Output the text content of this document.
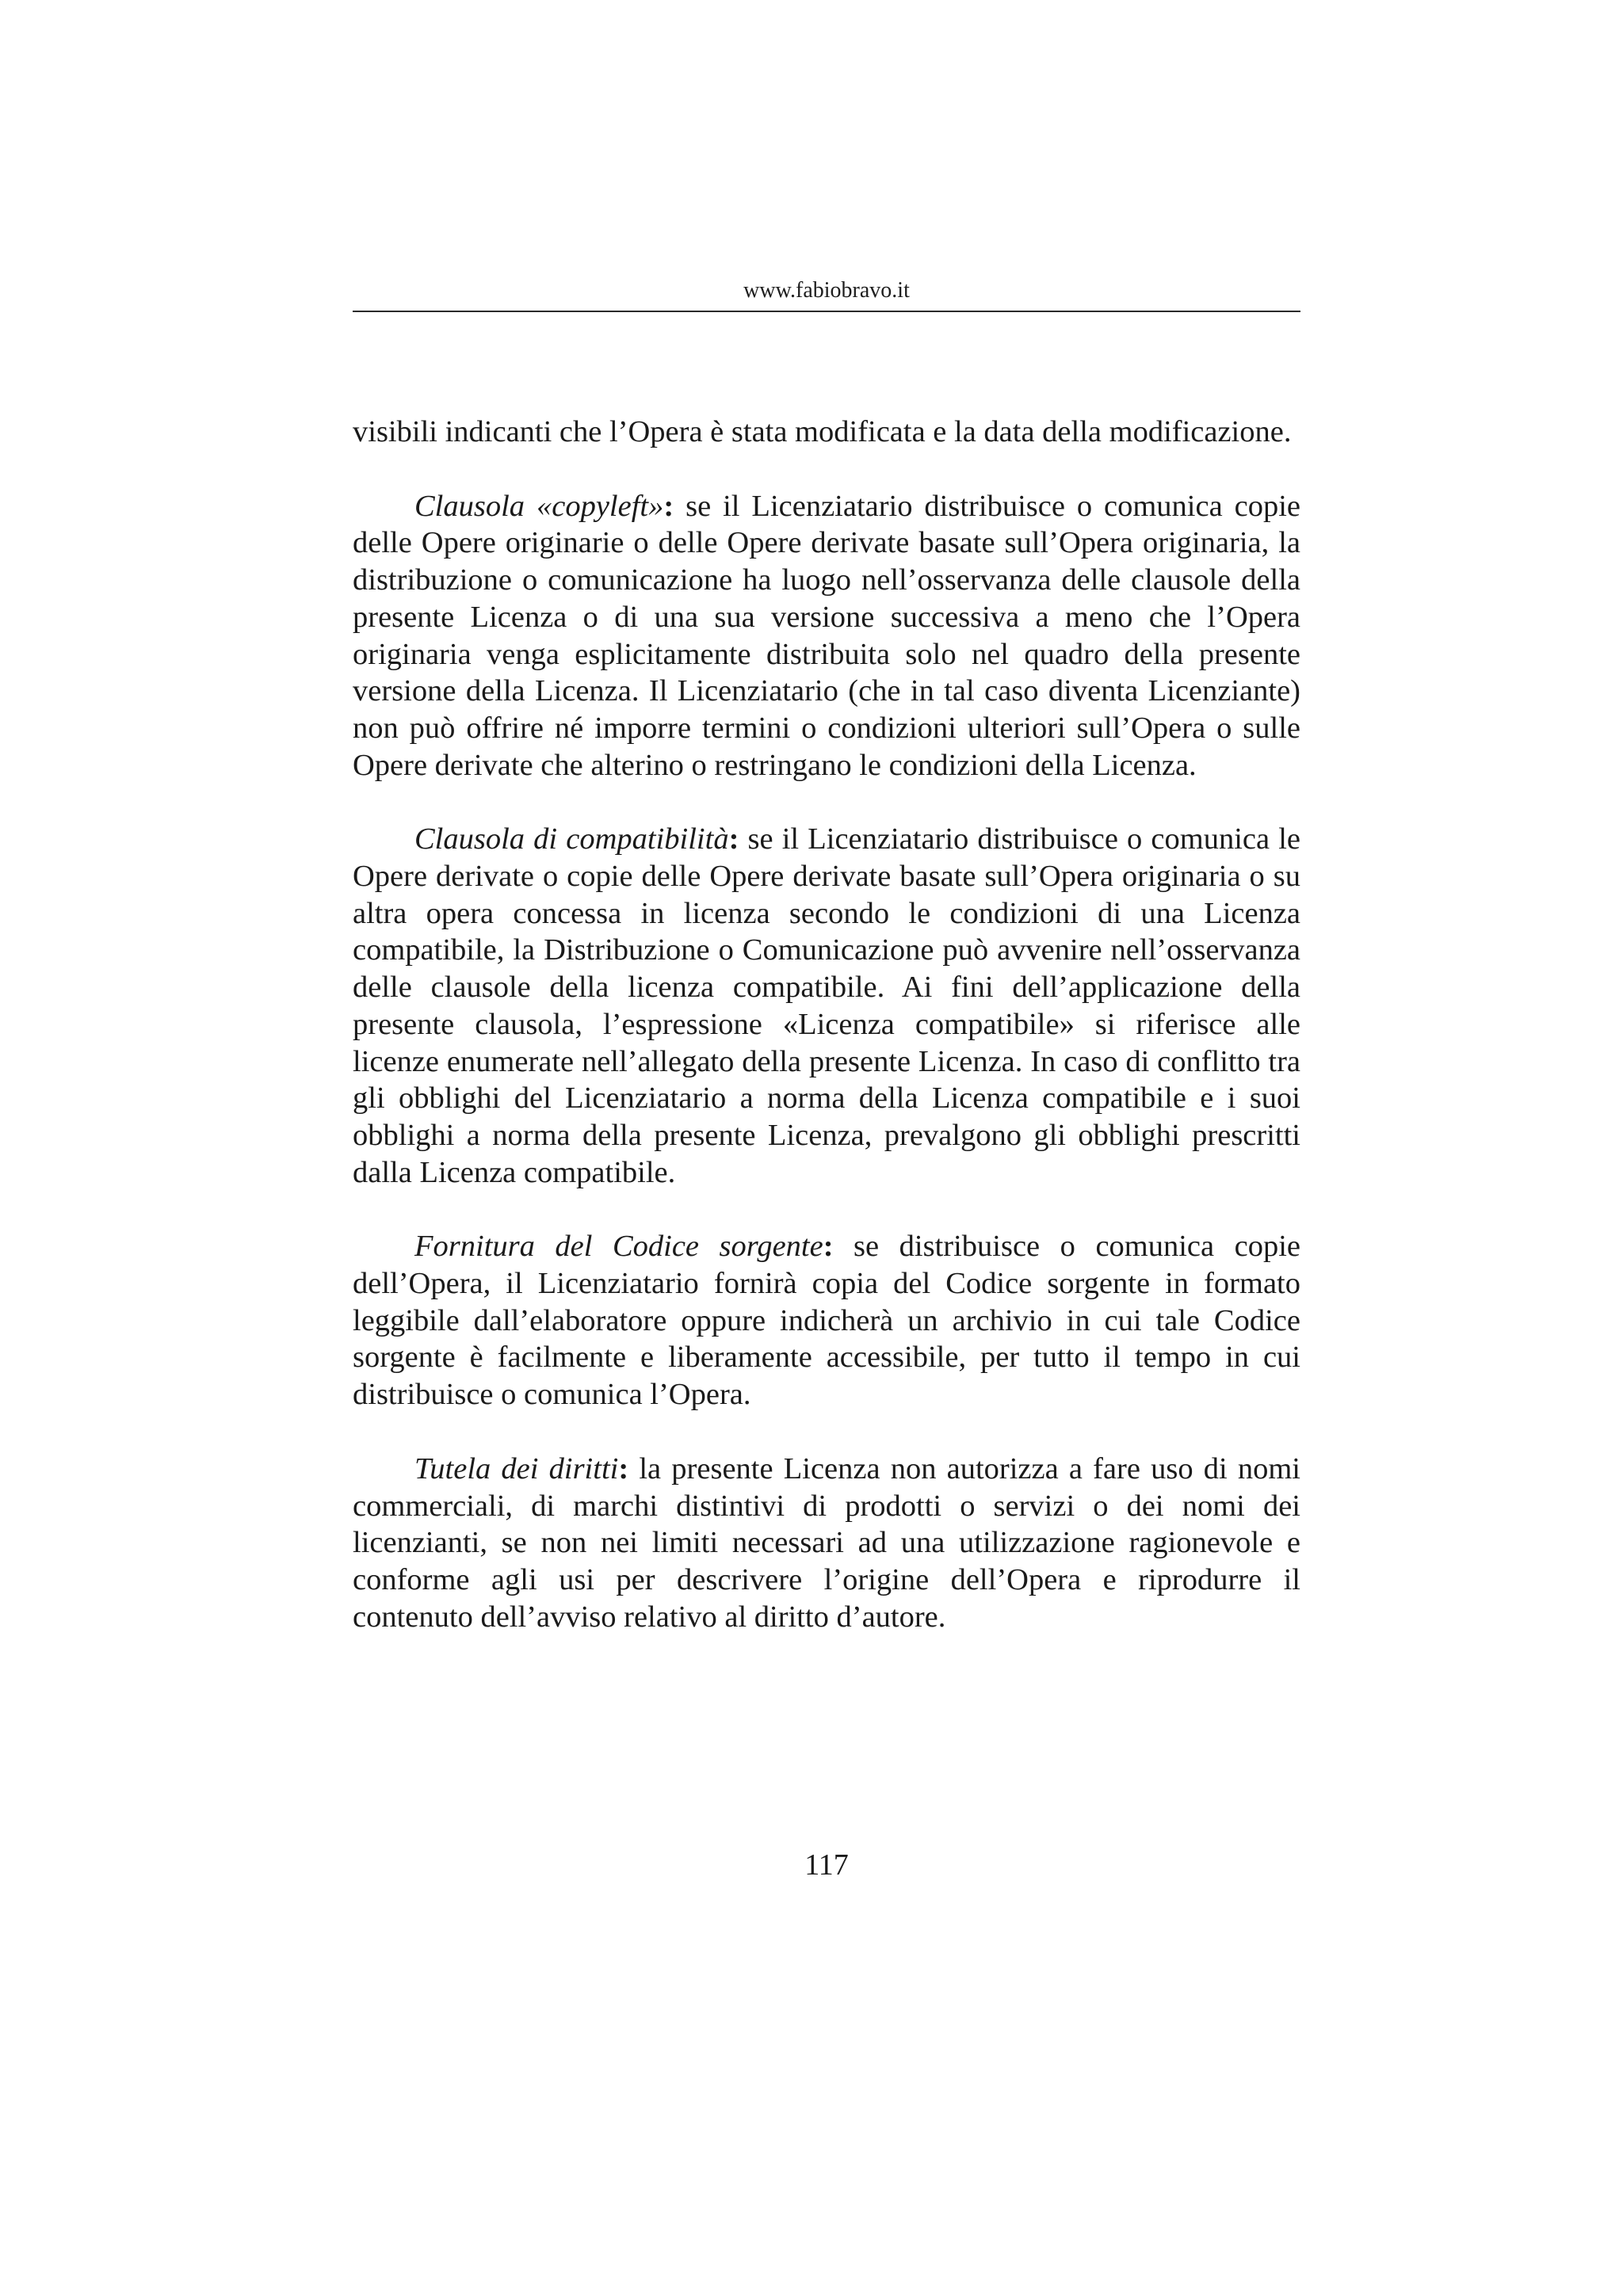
www.fabiobravo.it

visibili indicanti che l’Opera è stata modificata e la data della modificazione.

Clausola «copyleft»: se il Licenziatario distribuisce o comunica copie delle Opere originarie o delle Opere derivate basate sull’Opera originaria, la distribuzione o comunicazione ha luogo nell’osservanza delle clausole della presente Licenza o di una sua versione successiva a meno che l’Opera originaria venga esplicitamente distribuita solo nel quadro della presente versione della Licenza. Il Licenziatario (che in tal caso diventa Licenziante) non può offrire né imporre termini o condizioni ulteriori sull’Opera o sulle Opere derivate che alterino o restringano le condizioni della Licenza.

Clausola di compatibilità: se il Licenziatario distribuisce o comunica le Opere derivate o copie delle Opere derivate basate sull’Opera originaria o su altra opera concessa in licenza secondo le condizioni di una Licenza compatibile, la Distribuzione o Comunicazione può avvenire nell’osservanza delle clausole della licenza compatibile. Ai fini dell’applicazione della presente clausola, l’espressione «Licenza compatibile» si riferisce alle licenze enumerate nell’allegato della presente Licenza. In caso di conflitto tra gli obblighi del Licenziatario a norma della Licenza compatibile e i suoi obblighi a norma della presente Licenza, prevalgono gli obblighi prescritti dalla Licenza compatibile.

Fornitura del Codice sorgente: se distribuisce o comunica copie dell’Opera, il Licenziatario fornirà copia del Codice sorgente in formato leggibile dall’elaboratore oppure indicherà un archivio in cui tale Codice sorgente è facilmente e liberamente accessibile, per tutto il tempo in cui distribuisce o comunica l’Opera.

Tutela dei diritti: la presente Licenza non autorizza a fare uso di nomi commerciali, di marchi distintivi di prodotti o servizi o dei nomi dei licenzianti, se non nei limiti necessari ad una utilizzazione ragionevole e conforme agli usi per descrivere l’origine dell’Opera e riprodurre il contenuto dell’avviso relativo al diritto d’autore.

117
